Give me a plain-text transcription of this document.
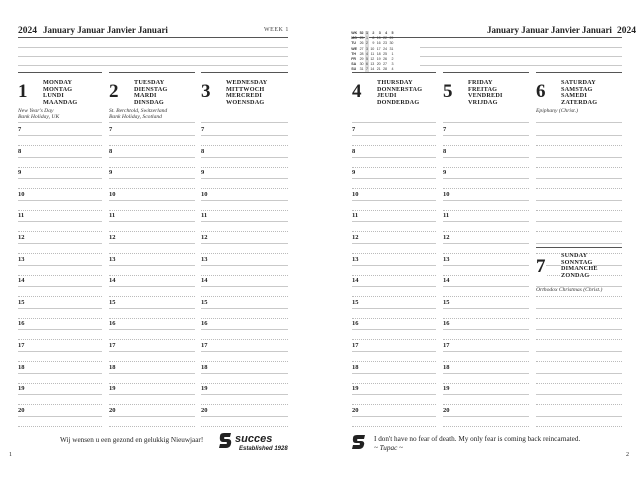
2024 January Januar Janvier Januari	WEEK 1	January Januar Janvier Januari 2024
WK	52	1	2	3	4	5
MO	25	1	8	15	22	29
TU	26	2	9	16	23	30
WE	27	3	10	17	24	31
TH	28	4	11	18	25	1
FR	29	5	12	19	26	2
SA	30	6	13	20	27	3
SU	31	7	14	21	28	4
1	MONDAY
MONTAG
LUNDI
MAANDAG
New Year's Day
Bank Holiday, UK
7
8
9
10
11
12
13
14
15
16
17
18
19
20
2	TUESDAY
DIENSTAG
MARDI
DINSDAG
St. Berchtold, Switzerland
Bank Holiday, Scotland
7
8
9
10
11
12
13
14
15
16
17
18
19
20
3	WEDNESDAY
MITTWOCH
MERCREDI
WOENSDAG
7
8
9
10
11
12
13
14
15
16
17
18
19
20
4	THURSDAY
DONNERSTAG
JEUDI
DONDERDAG
7
8
9
10
11
12
13
14
15
16
17
18
19
20
5	FRIDAY
FREITAG
VENDREDI
VRIJDAG
7
8
9
10
11
12
13
14
15
16
17
18
19
20
6	SATURDAY
SAMSTAG
SAMEDI
ZATERDAG
Epiphany (Christ.)
7
SUNDAY
SONNTAG
DIMANCHE
ZONDAG
Orthodox Christmas (Christ.)
Wij wensen u een gezond en gelukkig Nieuwjaar!	succes
Established 1928
I don't have no fear of death. My only fear is coming back reincarnated.
~ Tupac ~
1	2
